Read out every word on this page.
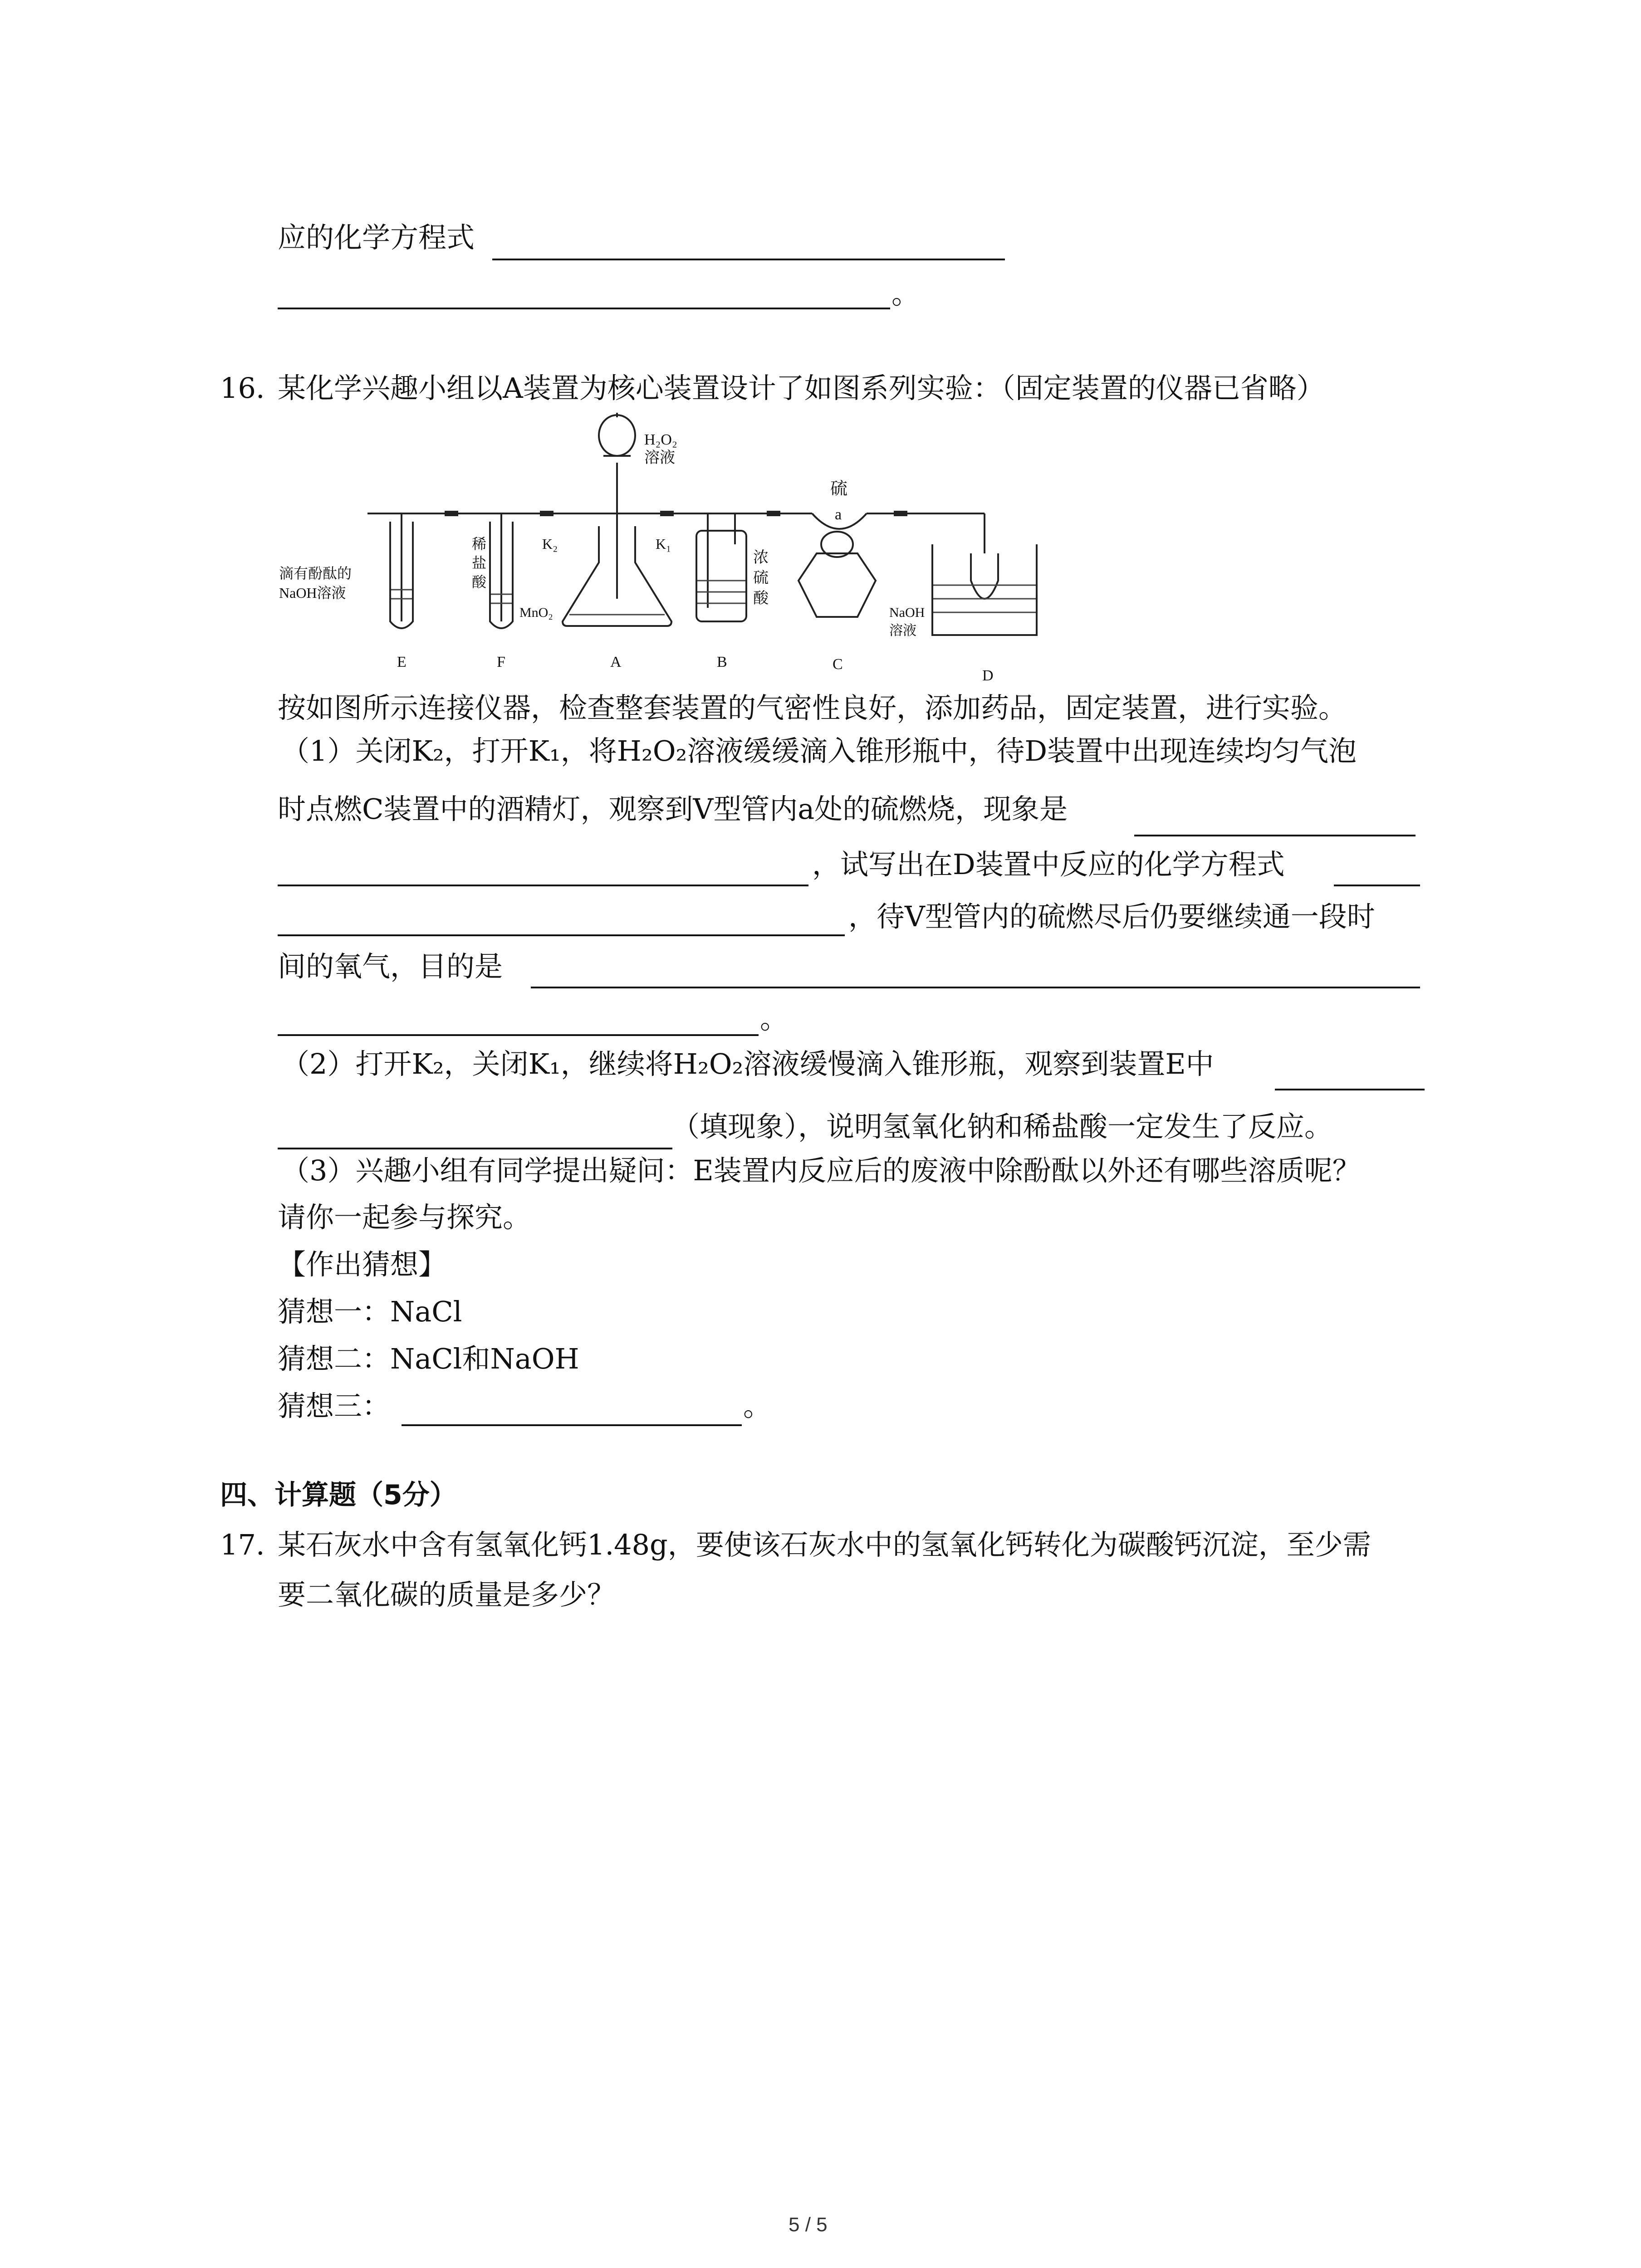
应的化学方程式
。
16. 某化学兴趣小组以A装置为核心装置设计了如图系列实验：（固定装置的仪器已省略）
H₂O₂
溶液
硫
a
K₂	K₁
滴有酚酞的
NaOH溶液
稀
盐
酸
MnO₂
浓
硫
酸
NaOH
溶液
E	F	A	B	C
D
按如图所示连接仪器，检查整套装置的气密性良好，添加药品，固定装置，进行实验。
（1）关闭K₂，打开K₁，将H₂O₂溶液缓缓滴入锥形瓶中，待D装置中出现连续均匀气泡
时点燃C装置中的酒精灯，观察到V型管内a处的硫燃烧，现象是
，试写出在D装置中反应的化学方程式
，待V型管内的硫燃尽后仍要继续通一段时
间的氧气，目的是
。
（2）打开K₂，关闭K₁，继续将H₂O₂溶液缓慢滴入锥形瓶，观察到装置E中
（填现象），说明氢氧化钠和稀盐酸一定发生了反应。
（3）兴趣小组有同学提出疑问：E装置内反应后的废液中除酚酞以外还有哪些溶质呢？
请你一起参与探究。
【作出猜想】
猜想一：NaCl
猜想二：NaCl和NaOH
猜想三：	。
四、计算题（5分）
17. 某石灰水中含有氢氧化钙1.48g，要使该石灰水中的氢氧化钙转化为碳酸钙沉淀，至少需
要二氧化碳的质量是多少？
5 / 5
